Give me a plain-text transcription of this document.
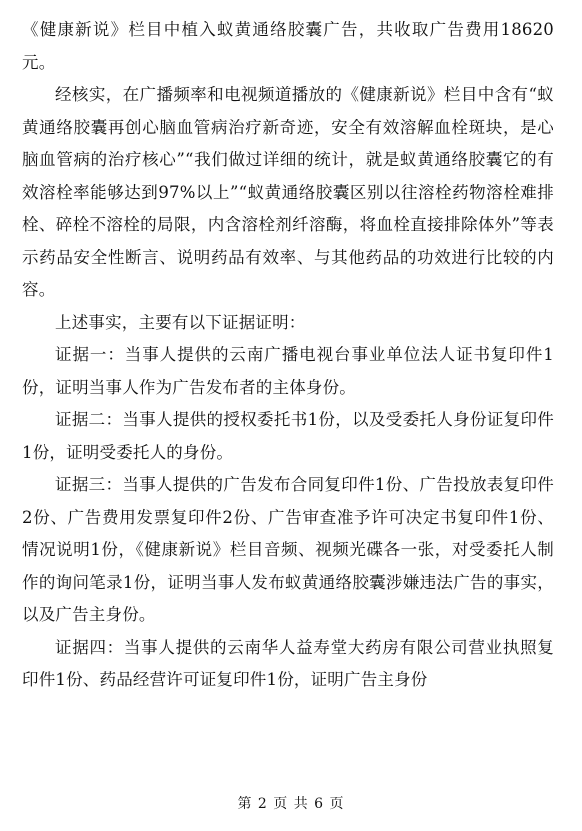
《健康新说》栏目中植入蚁黄通络胶囊广告，共收取广告费用18620元。

经核实，在广播频率和电视频道播放的《健康新说》栏目中含有“蚁黄通络胶囊再创心脑血管病治疗新奇迹，安全有效溶解血栓斑块，是心脑血管病的治疗核心”“我们做过详细的统计，就是蚁黄通络胶囊它的有效溶栓率能够达到97%以上”“蚁黄通络胶囊区别以往溶栓药物溶栓难排栓、碎栓不溶栓的局限，内含溶栓剂纤溶酶，将血栓直接排除体外”等表示药品安全性断言、说明药品有效率、与其他药品的功效进行比较的内容。

上述事实，主要有以下证据证明：

证据一：当事人提供的云南广播电视台事业单位法人证书复印件1份，证明当事人作为广告发布者的主体身份。

证据二：当事人提供的授权委托书1份，以及受委托人身份证复印件1份，证明受委托人的身份。

证据三：当事人提供的广告发布合同复印件1份、广告投放表复印件2份、广告费用发票复印件2份、广告审查准予许可决定书复印件1份、情况说明1份，《健康新说》栏目音频、视频光碟各一张，对受委托人制作的询问笔录1份，证明当事人发布蚁黄通络胶囊涉嫌违法广告的事实，以及广告主身份。

证据四：当事人提供的云南华人益寿堂大药房有限公司营业执照复印件1份、药品经营许可证复印件1份，证明广告主身份

第 2 页 共 6 页
